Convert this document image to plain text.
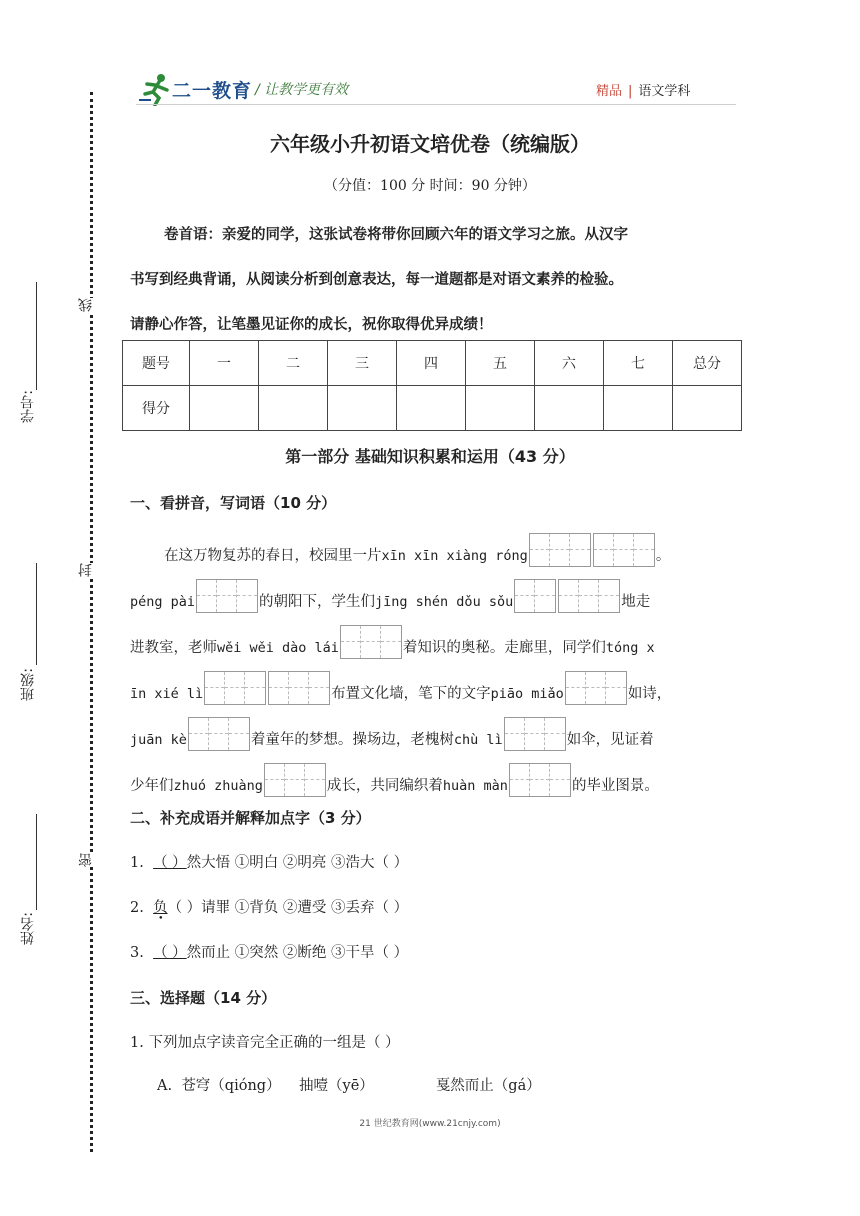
二一教育 / 让教学更有效	精品 | 语文学科
学号:
班级:
姓名:
线
封
密
六年级小升初语文培优卷（统编版）
（分值：100 分 时间：90 分钟）
卷首语：亲爱的同学，这张试卷将带你回顾六年的语文学习之旅。从汉字
书写到经典背诵，从阅读分析到创意表达，每一道题都是对语文素养的检验。
请静心作答，让笔墨见证你的成长，祝你取得优异成绩！
题号	一	二	三	四	五	六	七	总分
得分								
第一部分 基础知识积累和运用（43 分）
一、看拼音，写词语（10 分）
在这万物复苏的春日，校园里一片xīn xīn xiàng róng	。
péng pài	的朝阳下，学生们jīng shén dǒu sǒu	地走
进教室，老师wěi wěi dào lái	着知识的奥秘。走廊里，同学们tóng x
īn xié lì	布置文化墙，笔下的文字piāo miǎo	如诗，
juān kè	着童年的梦想。操场边，老槐树chù lì	如伞，见证着
少年们zhuó zhuàng	成长，共同编织着huàn màn	的毕业图景。
二、补充成语并解释加点字（3 分）
1. （ ）然大悟 ①明白 ②明亮 ③浩大（ ）
2. 负（ ）请罪 ①背负 ②遭受 ③丢弃（ ）
3. （ ）然而止 ①突然 ②断绝 ③干旱（ ）
三、选择题（14 分）
1. 下列加点字读音完全正确的一组是（ ）
A. 苍穹（qióng） 抽噎（yē）	戛然而止（gá）
21 世纪教育网(www.21cnjy.com)
